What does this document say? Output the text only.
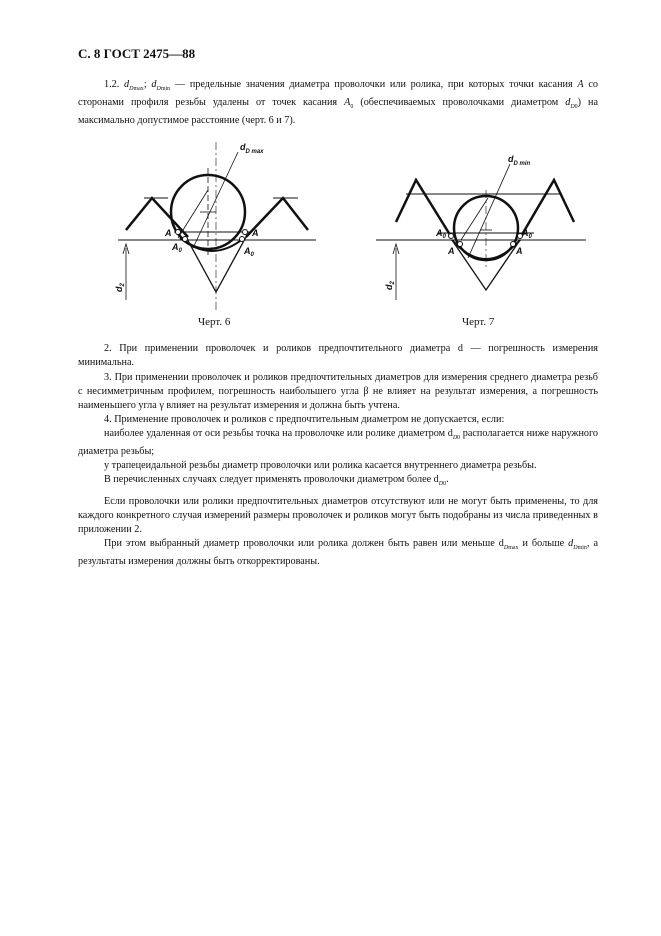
С. 8 ГОСТ 2475—88
1.2. $d_{Dmax}$; $d_{Dmin}$ — предельные значения диаметра проволочки или ролика, при которых точки касания A со сторонами профиля резьбы удалены от точек касания $A_0$ (обеспечиваемых проволочками диаметром $d_{D0}$) на максимально допустимое расстояние (черт. 6 и 7).
$d_{D max}$
A	A
$A_0$	$A_0$
$d_2$
Черт. 6
$d_{D min}$
$A_0$	$A_0$
A	A
$d_2$
Черт. 7
2. При применении проволочек и роликов предпочтительного диаметра d — погрешность измерения минимальна.
3. При применении проволочек и роликов предпочтительных диаметров для измерения среднего диаметра резьб с несимметричным профилем, погрешность наибольшего угла β не влияет на результат измерения, а погрешность наименьшего угла γ влияет на результат измерения и должна быть учтена.
4. Применение проволочек и роликов с предпочтительным диаметром не допускается, если:
наиболее удаленная от оси резьбы точка на проволочке или ролике диаметром $d_{D0}$ располагается ниже наружного диаметра резьбы;
у трапецеидальной резьбы диаметр проволочки или ролика касается внутреннего диаметра резьбы.
В перечисленных случаях следует применять проволочки диаметром более $d_{D0}$.
Если проволочки или ролики предпочтительных диаметров отсутствуют или не могут быть применены, то для каждого конкретного случая измерений размеры проволочек и роликов могут быть подобраны из числа приведенных в приложении 2.
При этом выбранный диаметр проволочки или ролика должен быть равен или меньше $d_{Dmax}$ и больше $d_{Dmin}$, а результаты измерения должны быть откорректированы.
